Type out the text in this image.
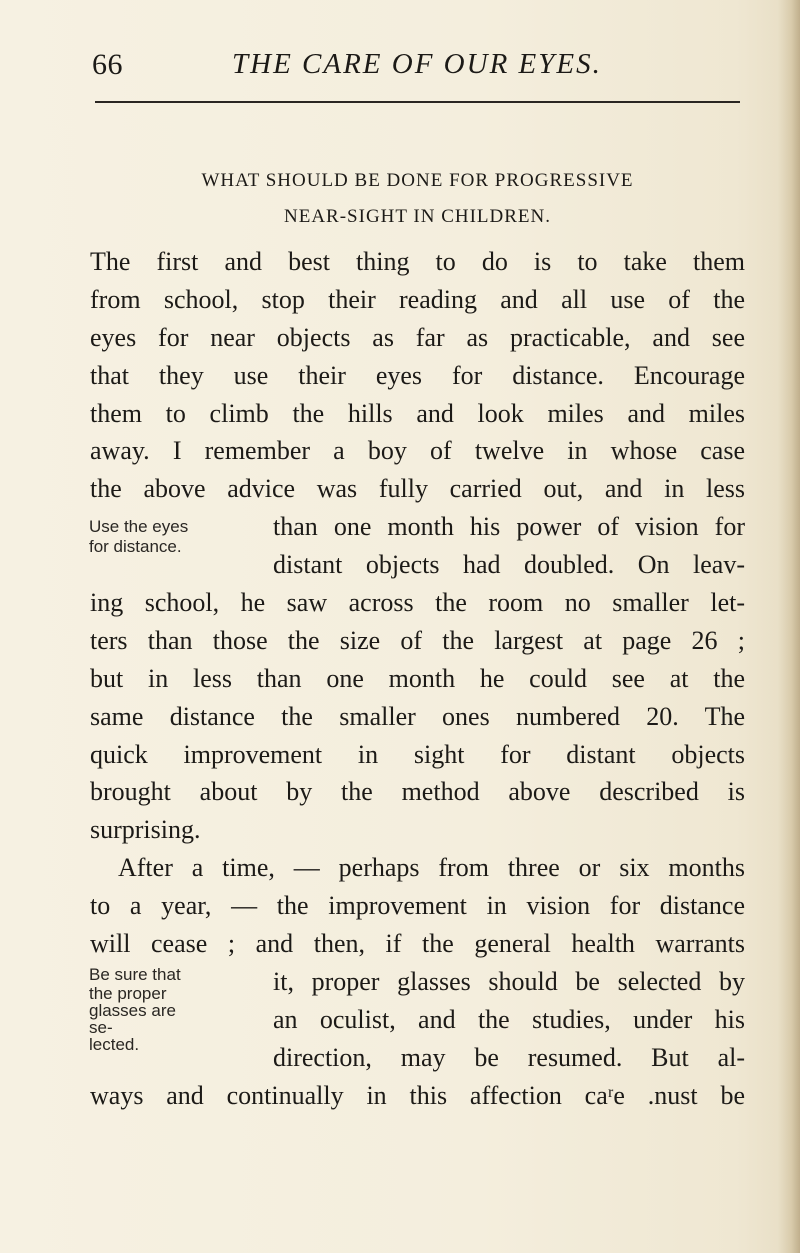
66	THE CARE OF OUR EYES.
WHAT SHOULD BE DONE FOR PROGRESSIVE
NEAR-SIGHT IN CHILDREN.
The first and best thing to do is to take them
from school, stop their reading and all use of the
eyes for near objects as far as practicable, and see
that they use their eyes for distance. Encourage
them to climb the hills and look miles and miles
away. I remember a boy of twelve in whose case
the above advice was fully carried out, and in less
than one month his power of vision for
distant objects had doubled. On leav-
ing school, he saw across the room no smaller let-
ters than those the size of the largest at page 26 ;
but in less than one month he could see at the
same distance the smaller ones numbered 20. The
quick improvement in sight for distant objects
brought about by the method above described is
surprising.
After a time, — perhaps from three or six months
to a year, — the improvement in vision for distance
will cease ; and then, if the general health warrants
it, proper glasses should be selected by
an oculist, and the studies, under his
direction, may be resumed. But al-
ways and continually in this affection caʳe .nust be
Use the eyes
for distance.
Be sure that
the proper
glasses are se-
lected.
